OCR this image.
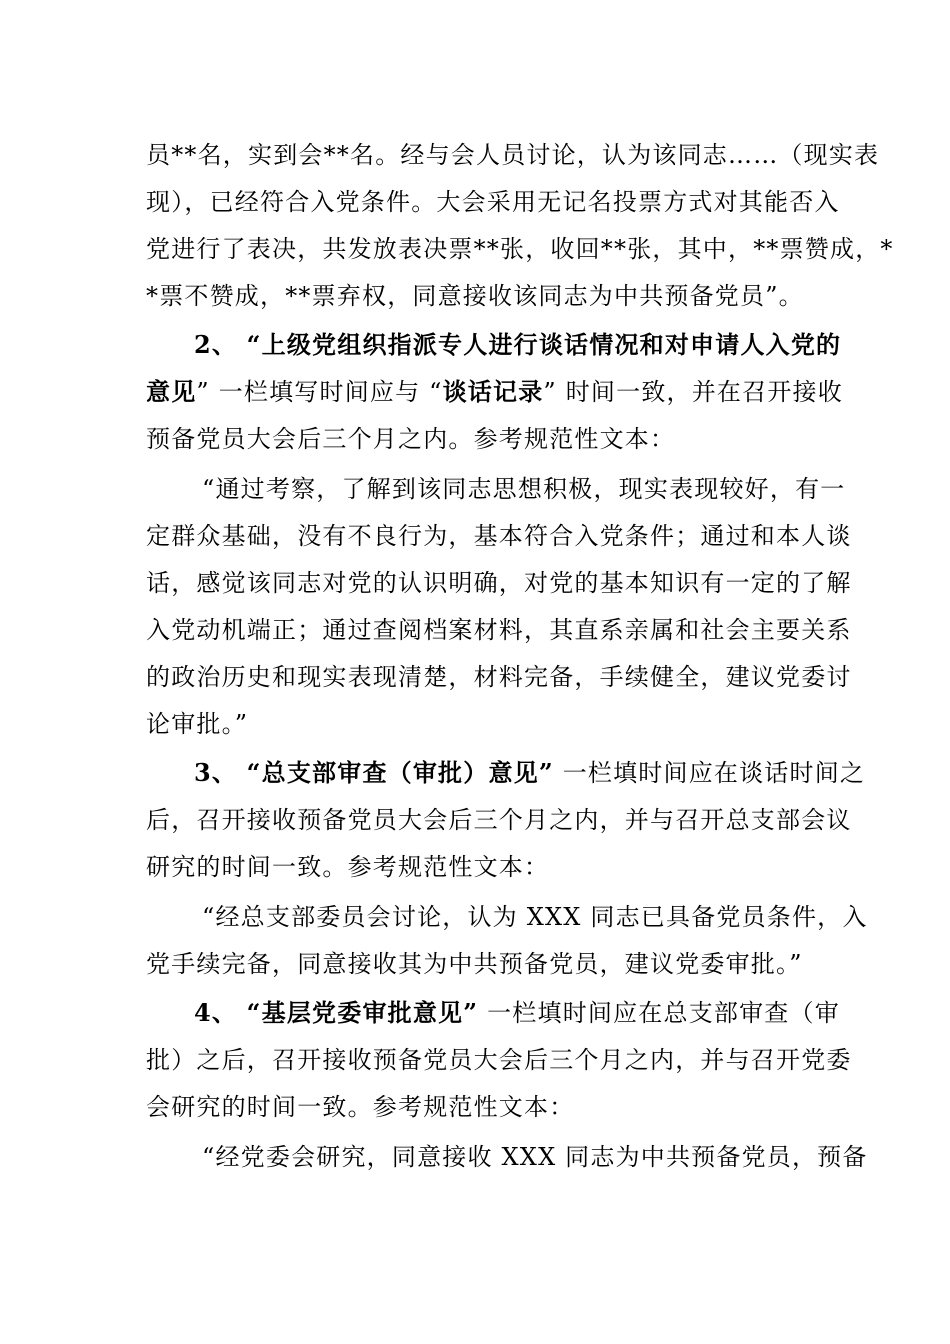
员**名，实到会**名。经与会人员讨论，认为该同志……（现实表
现），已经符合入党条件。大会采用无记名投票方式对其能否入
党进行了表决，共发放表决票**张，收回**张，其中，**票赞成，*
*票不赞成，**票弃权，同意接收该同志为中共预备党员”。
2、 “上级党组织指派专人进行谈话情况和对申请人入党的
意见” 一栏填写时间应与 “谈话记录” 时间一致，并在召开接收
预备党员大会后三个月之内。参考规范性文本：
“通过考察，了解到该同志思想积极，现实表现较好，有一
定群众基础，没有不良行为，基本符合入党条件；通过和本人谈
话，感觉该同志对党的认识明确，对党的基本知识有一定的了解
入党动机端正；通过查阅档案材料，其直系亲属和社会主要关系
的政治历史和现实表现清楚，材料完备，手续健全，建议党委讨
论审批。”
3、 “总支部审查（审批）意见” 一栏填时间应在谈话时间之
后，召开接收预备党员大会后三个月之内，并与召开总支部会议
研究的时间一致。参考规范性文本：
“经总支部委员会讨论，认为 XXX 同志已具备党员条件，入
党手续完备，同意接收其为中共预备党员，建议党委审批。”
4、 “基层党委审批意见” 一栏填时间应在总支部审查（审
批）之后，召开接收预备党员大会后三个月之内，并与召开党委
会研究的时间一致。参考规范性文本：
“经党委会研究，同意接收 XXX 同志为中共预备党员，预备
